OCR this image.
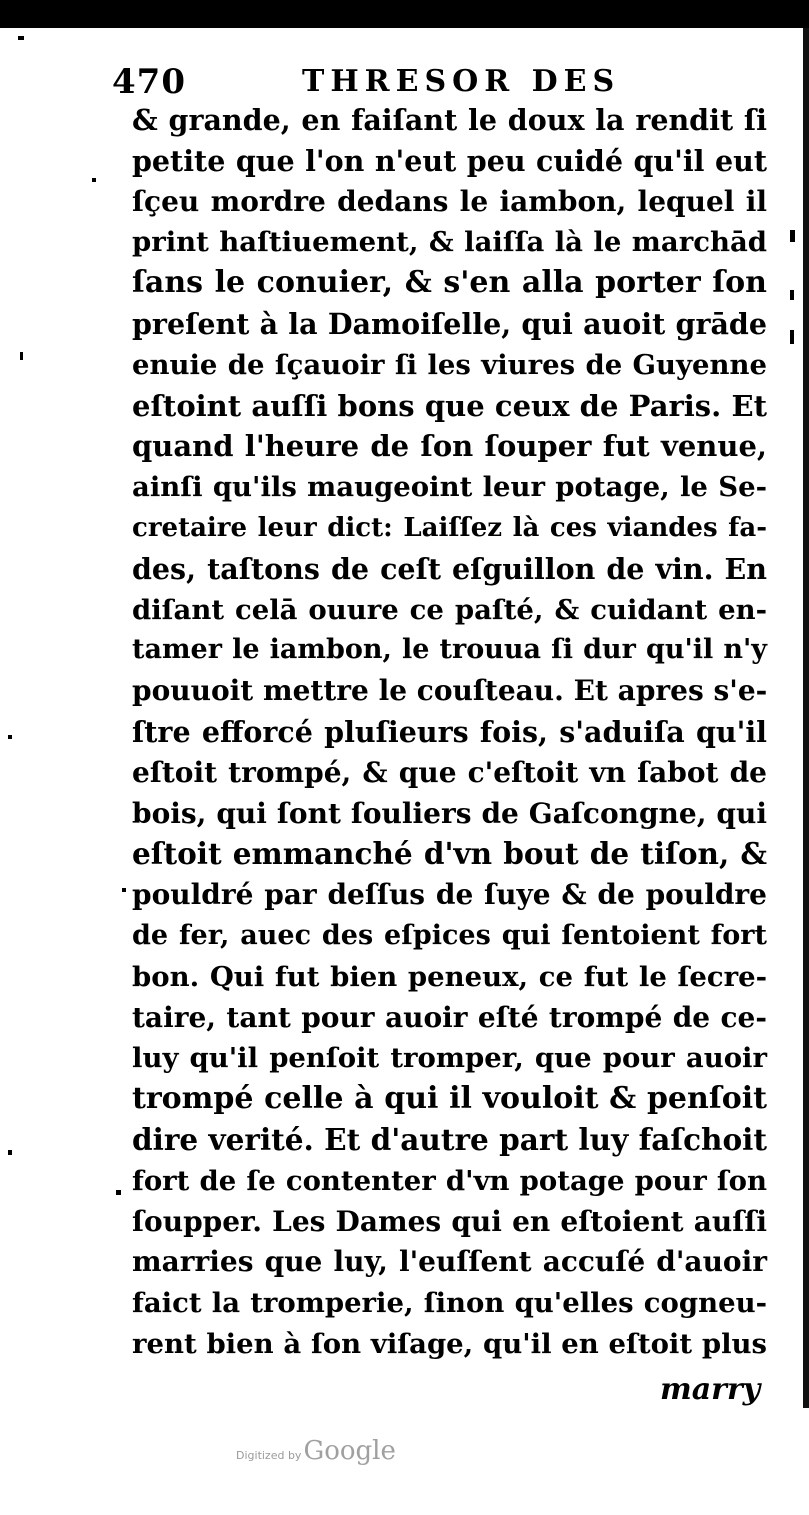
470	THRESOR DES
& grande, en faiſant le doux la rendit ſi
petite que l'on n'eut peu cuidé qu'il eut
ſçeu mordre dedans le iambon, lequel il
print haſtiuement, & laiſſa là le marchād
ſans le conuier, & s'en alla porter ſon
preſent à la Damoiſelle, qui auoit grāde
enuie de ſçauoir ſi les viures de Guyenne
eſtoint auſſi bons que ceux de Paris. Et
quand l'heure de ſon ſouper fut venue,
ainſi qu'ils maugeoint leur potage, le Se-
cretaire leur dict: Laiſſez là ces viandes fa-
des, taſtons de ceſt eſguillon de vin. En
diſant celā ouure ce paſté, & cuidant en-
tamer le iambon, le trouua ſi dur qu'il n'y
pouuoit mettre le couſteau. Et apres s'e-
ſtre efforcé pluſieurs fois, s'aduiſa qu'il
eſtoit trompé, & que c'eſtoit vn ſabot de
bois, qui ſont ſouliers de Gaſcongne, qui
eſtoit emmanché d'vn bout de tiſon, &
pouldré par deſſus de ſuye & de pouldre
de fer, auec des eſpices qui ſentoient fort
bon. Qui fut bien peneux, ce fut le ſecre-
taire, tant pour auoir eſté trompé de ce-
luy qu'il penſoit tromper, que pour auoir
trompé celle à qui il vouloit & penſoit
dire verité. Et d'autre part luy faſchoit
fort de ſe contenter d'vn potage pour ſon
ſoupper. Les Dames qui en eſtoient auſſi
marries que luy, l'euſſent accuſé d'auoir
faict la tromperie, ſinon qu'elles cogneu-
rent bien à ſon viſage, qu'il en eſtoit plus
marry
Digitized by Google
